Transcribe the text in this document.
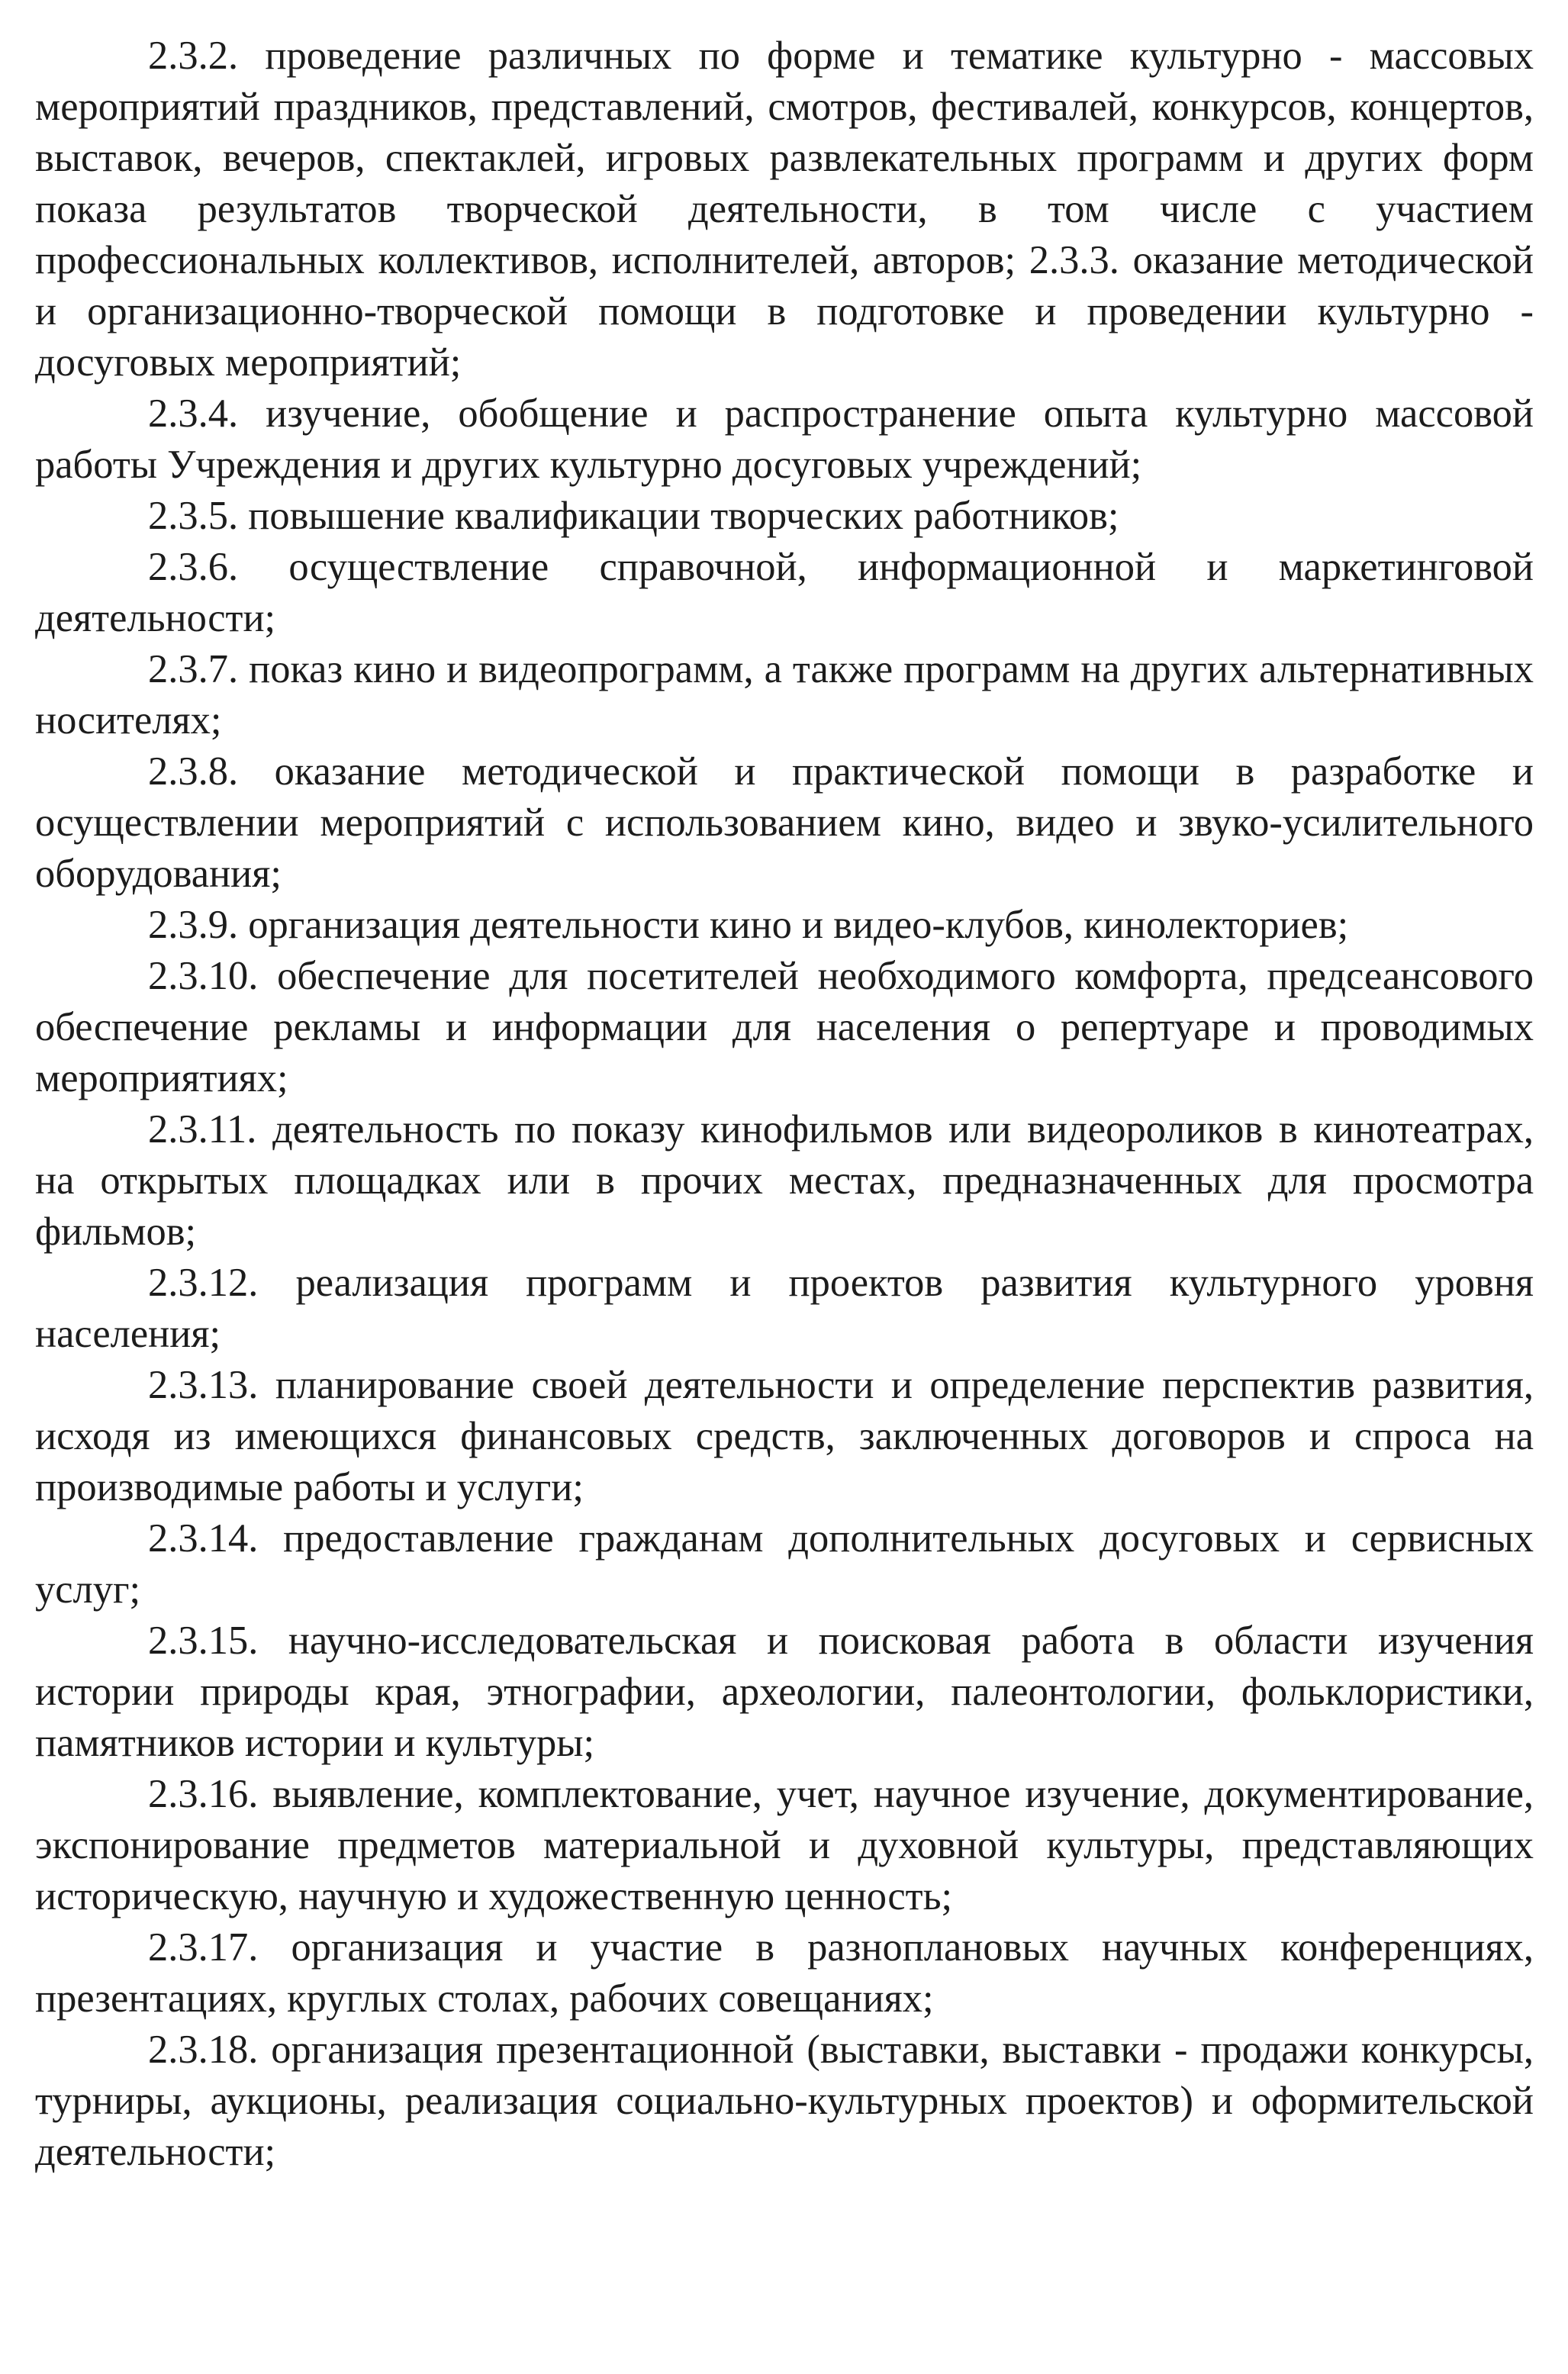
2.3.2. проведение различных по форме и тематике культурно - массовых мероприятий праздников, представлений, смотров, фестивалей, конкурсов, концертов, выставок, вечеров, спектаклей, игровых развлекательных программ и других форм показа результатов творческой деятельности, в том числе с участием профессиональных коллективов, исполнителей, авторов; 2.3.3. оказание методической и организационно-творческой помощи в подготовке и проведении культурно - досуговых мероприятий;

2.3.4. изучение, обобщение и распространение опыта культурно массовой работы Учреждения и других культурно досуговых учреждений;

2.3.5. повышение квалификации творческих работников;

2.3.6. осуществление справочной, информационной и маркетинговой деятельности;

2.3.7. показ кино и видеопрограмм, а также программ на других альтернативных носителях;

2.3.8. оказание методической и практической помощи в разработке и осуществлении мероприятий с использованием кино, видео и звуко-усилительного оборудования;

2.3.9. организация деятельности кино и видео-клубов, кинолекториев;

2.3.10. обеспечение для посетителей необходимого комфорта, предсеансового обеспечение рекламы и информации для населения о репертуаре и проводимых мероприятиях;

2.3.11. деятельность по показу кинофильмов или видеороликов в кинотеатрах, на открытых площадках или в прочих местах, предназначенных для просмотра фильмов;

2.3.12. реализация программ и проектов развития культурного уровня населения;

2.3.13. планирование своей деятельности и определение перспектив развития, исходя из имеющихся финансовых средств, заключенных договоров и спроса на производимые работы и услуги;

2.3.14. предоставление гражданам дополнительных досуговых и сервисных услуг;

2.3.15. научно-исследовательская и поисковая работа в области изучения истории природы края, этнографии, археологии, палеонтологии, фольклористики, памятников истории и культуры;

2.3.16. выявление, комплектование, учет, научное изучение, документирование, экспонирование предметов материальной и духовной культуры, представляющих историческую, научную и художественную ценность;

2.3.17. организация и участие в разноплановых научных конференциях, презентациях, круглых столах, рабочих совещаниях;

2.3.18. организация презентационной (выставки, выставки - продажи конкурсы, турниры, аукционы, реализация социально-культурных проектов) и оформительской деятельности;
